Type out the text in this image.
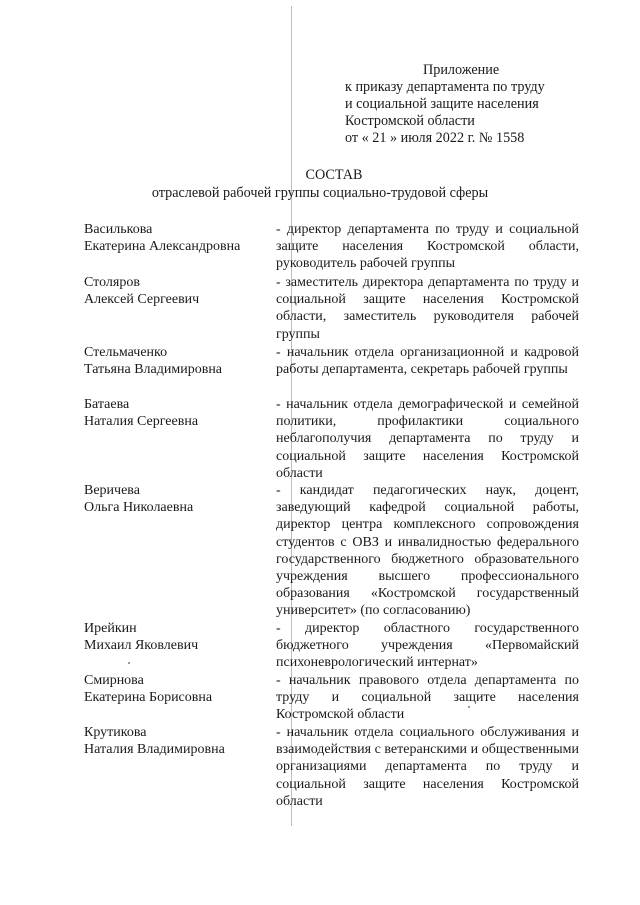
Приложение
к приказу департамента по труду
и социальной защите населения
Костромской области
от « 21 » июля 2022 г. № 1558
СОСТАВ
отраслевой рабочей группы социально-трудовой сферы
Василькова
Екатерина Александровна
- директор департамента по труду и социальной защите населения Костромской области, руководитель рабочей группы
Столяров
Алексей Сергеевич
- заместитель директора департамента по труду и социальной защите населения Костромской области, заместитель руководителя рабочей группы
Стельмаченко
Татьяна Владимировна
- начальник отдела организационной и кадровой работы департамента, секретарь рабочей группы
Батаева
Наталия Сергеевна
- начальник отдела демографической и семейной политики, профилактики социального неблагополучия департамента по труду и социальной защите населения Костромской области
Веричева
Ольга Николаевна
- кандидат педагогических наук, доцент, заведующий кафедрой социальной работы, директор центра комплексного сопровождения студентов с ОВЗ и инвалидностью федерального государственного бюджетного образовательного учреждения высшего профессионального образования «Костромской государственный университет» (по согласованию)
Ирейкин
Михаил Яковлевич
- директор областного государственного бюджетного учреждения «Первомайский психоневрологический интернат»
Смирнова
Екатерина Борисовна
- начальник правового отдела департамента по труду и социальной защите населения Костромской области
Крутикова
Наталия Владимировна
- начальник отдела социального обслуживания и взаимодействия с ветеранскими и общественными организациями департамента по труду и социальной защите населения Костромской области
